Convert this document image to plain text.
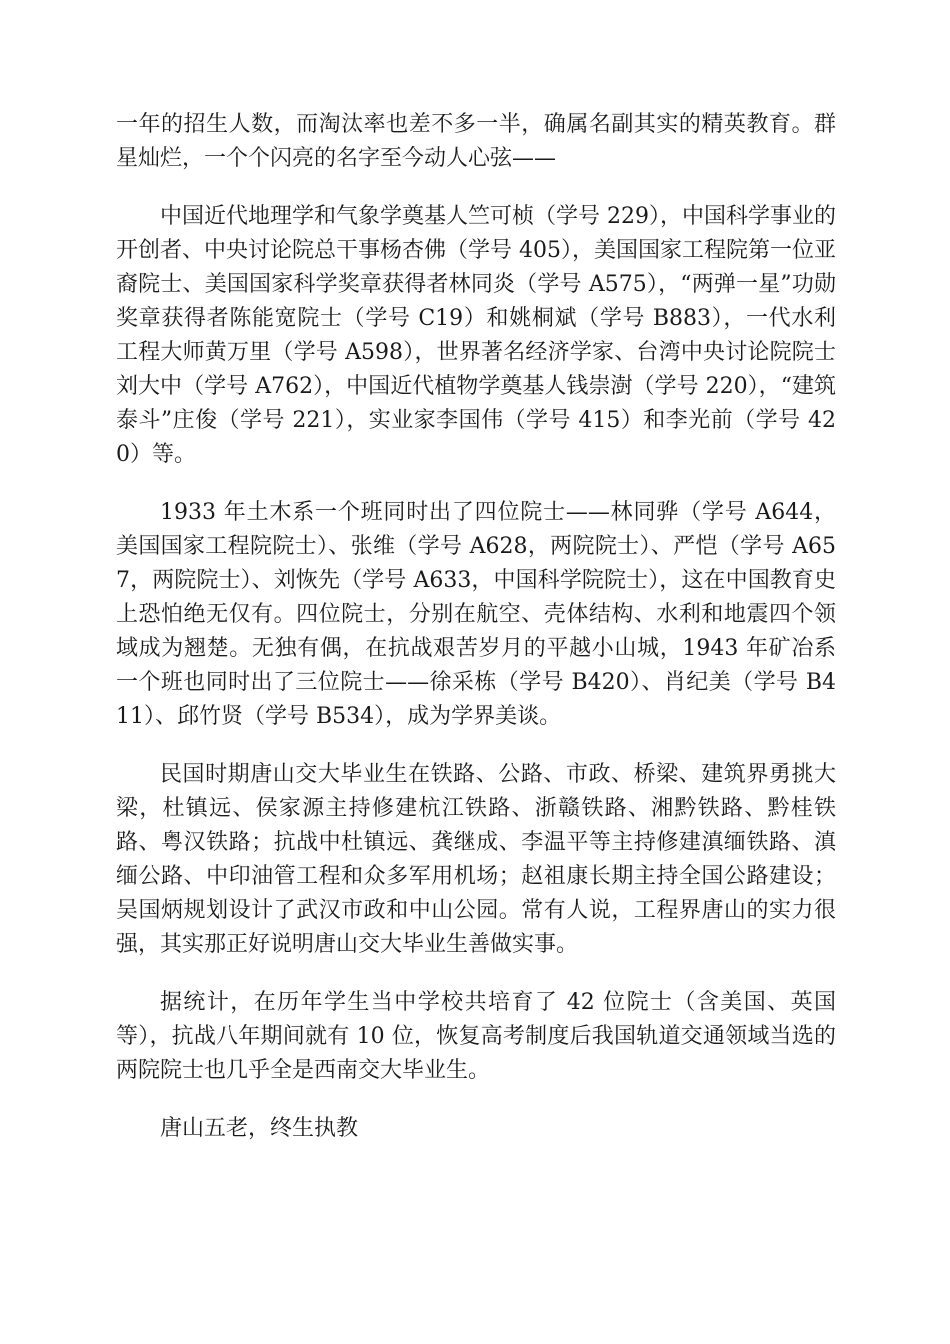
一年的招生人数，而淘汰率也差不多一半，确属名副其实的精英教育。群星灿烂，一个个闪亮的名字至今动人心弦——

中国近代地理学和气象学奠基人竺可桢（学号 229），中国科学事业的开创者、中央讨论院总干事杨杏佛（学号 405），美国国家工程院第一位亚裔院士、美国国家科学奖章获得者林同炎（学号 A575），“两弹一星”功勋奖章获得者陈能宽院士（学号 C19）和姚桐斌（学号 B883），一代水利工程大师黄万里（学号 A598），世界著名经济学家、台湾中央讨论院院士刘大中（学号 A762），中国近代植物学奠基人钱崇澍（学号 220），“建筑泰斗”庄俊（学号 221），实业家李国伟（学号 415）和李光前（学号 420）等。

1933 年土木系一个班同时出了四位院士——林同骅（学号 A644，美国国家工程院院士）、张维（学号 A628，两院院士）、严恺（学号 A657，两院院士）、刘恢先（学号 A633，中国科学院院士），这在中国教育史上恐怕绝无仅有。四位院士，分别在航空、壳体结构、水利和地震四个领域成为翘楚。无独有偶，在抗战艰苦岁月的平越小山城，1943 年矿冶系一个班也同时出了三位院士——徐采栋（学号 B420）、肖纪美（学号 B411）、邱竹贤（学号 B534），成为学界美谈。

民国时期唐山交大毕业生在铁路、公路、市政、桥梁、建筑界勇挑大梁，杜镇远、侯家源主持修建杭江铁路、浙赣铁路、湘黔铁路、黔桂铁路、粤汉铁路；抗战中杜镇远、龚继成、李温平等主持修建滇缅铁路、滇缅公路、中印油管工程和众多军用机场；赵祖康长期主持全国公路建设；吴国炳规划设计了武汉市政和中山公园。常有人说，工程界唐山的实力很强，其实那正好说明唐山交大毕业生善做实事。

据统计，在历年学生当中学校共培育了 42 位院士（含美国、英国等），抗战八年期间就有 10 位，恢复高考制度后我国轨道交通领域当选的两院院士也几乎全是西南交大毕业生。

唐山五老，终生执教
